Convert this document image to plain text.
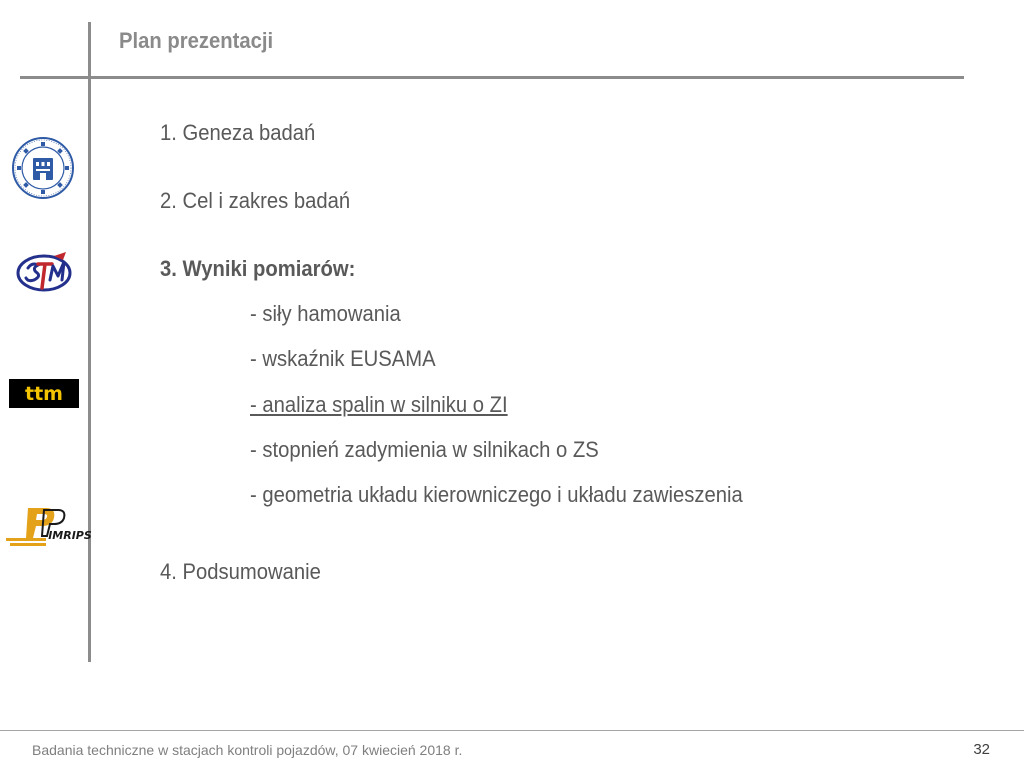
Plan prezentacji
ttm
IMRIPS
1. Geneza badań
2. Cel i zakres badań
3. Wyniki pomiarów:
- siły hamowania
- wskaźnik EUSAMA
- analiza spalin w silniku o ZI
- stopnień zadymienia w silnikach o ZS
- geometria układu kierowniczego i układu zawieszenia
4. Podsumowanie
Badania techniczne w stacjach kontroli pojazdów, 07 kwiecień 2018 r.	32
